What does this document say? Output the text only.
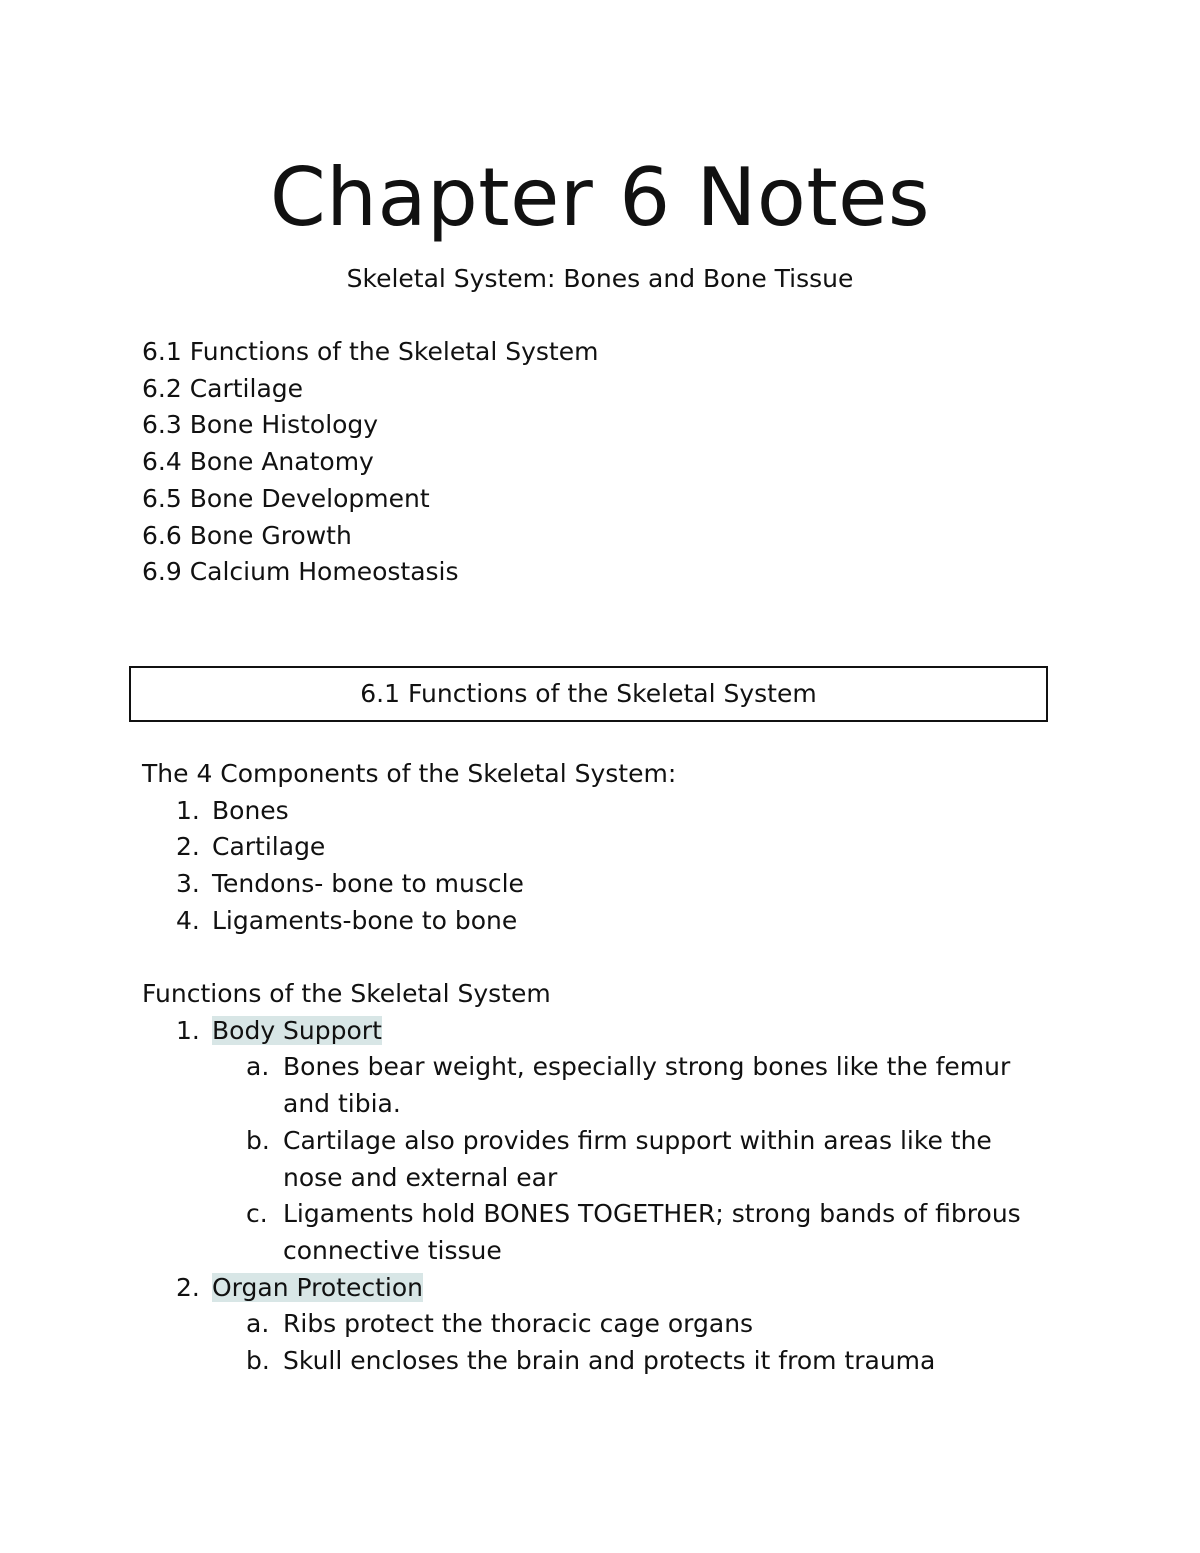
Chapter 6 Notes

Skeletal System: Bones and Bone Tissue

6.1 Functions of the Skeletal System
6.2 Cartilage
6.3 Bone Histology
6.4 Bone Anatomy
6.5 Bone Development
6.6 Bone Growth
6.9 Calcium Homeostasis
6.1 Functions of the Skeletal System
The 4 Components of the Skeletal System:
1. Bones
2. Cartilage
3. Tendons- bone to muscle
4. Ligaments-bone to bone
Functions of the Skeletal System
1. Body Support
a. Bones bear weight, especially strong bones like the femur and tibia.
b. Cartilage also provides firm support within areas like the nose and external ear
c. Ligaments hold BONES TOGETHER; strong bands of fibrous connective tissue
2. Organ Protection
a. Ribs protect the thoracic cage organs
b. Skull encloses the brain and protects it from trauma
